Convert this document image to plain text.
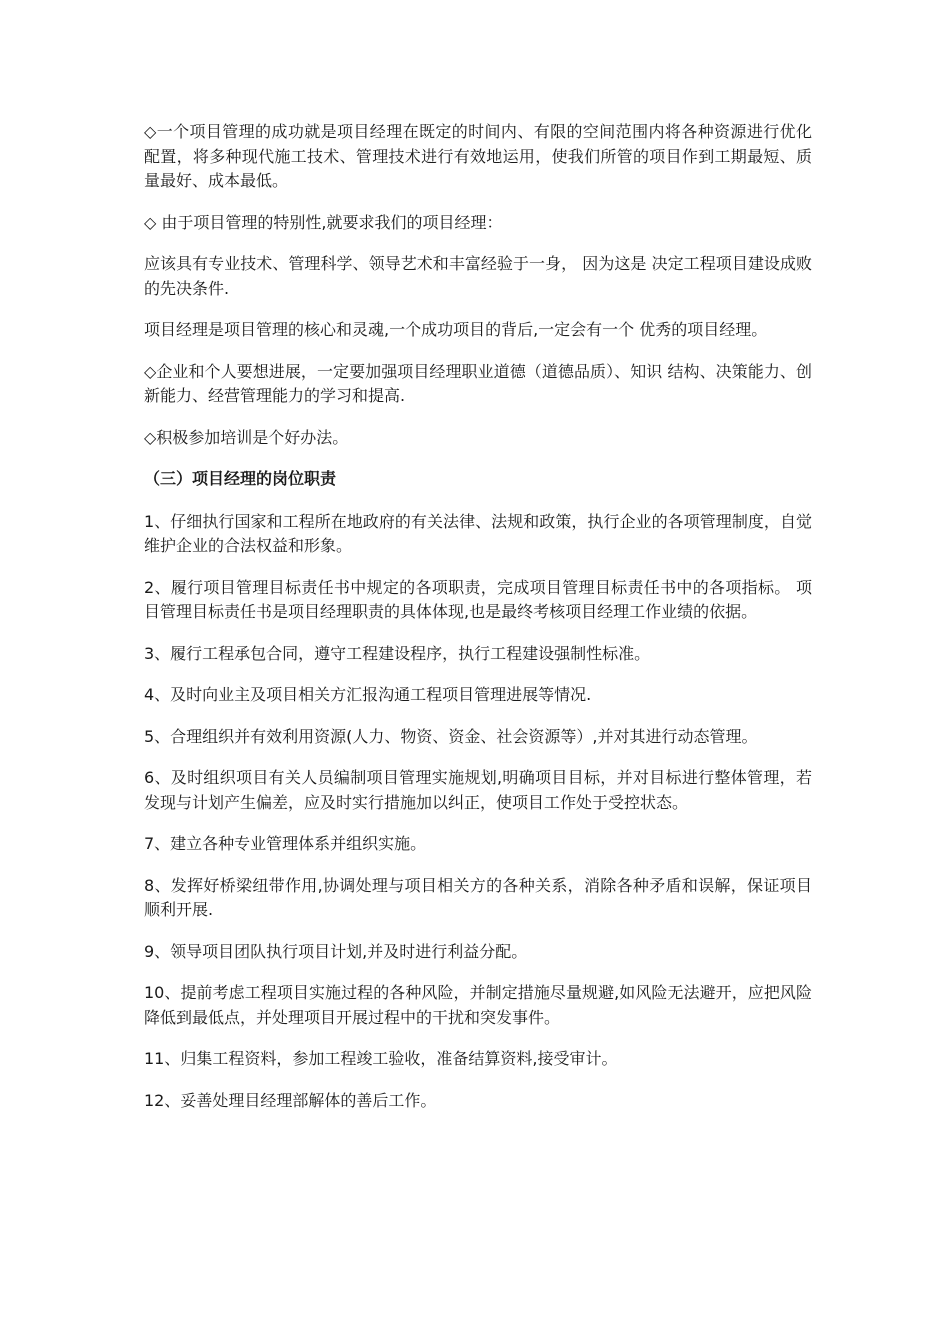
◇一个项目管理的成功就是项目经理在既定的时间内、有限的空间范围内将各种资源进行优化配置，将多种现代施工技术、管理技术进行有效地运用，使我们所管的项目作到工期最短、质量最好、成本最低。

◇ 由于项目管理的特别性,就要求我们的项目经理：

应该具有专业技术、管理科学、领导艺术和丰富经验于一身， 因为这是 决定工程项目建设成败的先决条件.

项目经理是项目管理的核心和灵魂,一个成功项目的背后,一定会有一个 优秀的项目经理。

◇企业和个人要想进展，一定要加强项目经理职业道德（道德品质）、知识 结构、决策能力、创新能力、经营管理能力的学习和提高.

◇积极参加培训是个好办法。

（三）项目经理的岗位职责

1、仔细执行国家和工程所在地政府的有关法律、法规和政策，执行企业的各项管理制度，自觉维护企业的合法权益和形象。

2、履行项目管理目标责任书中规定的各项职责，完成项目管理目标责任书中的各项指标。 项目管理目标责任书是项目经理职责的具体体现,也是最终考核项目经理工作业绩的依据。

3、履行工程承包合同，遵守工程建设程序，执行工程建设强制性标准。

4、及时向业主及项目相关方汇报沟通工程项目管理进展等情况.

5、合理组织并有效利用资源(人力、物资、资金、社会资源等）,并对其进行动态管理。

6、及时组织项目有关人员编制项目管理实施规划,明确项目目标，并对目标进行整体管理，若发现与计划产生偏差，应及时实行措施加以纠正，使项目工作处于受控状态。

7、建立各种专业管理体系并组织实施。

8、发挥好桥梁纽带作用,协调处理与项目相关方的各种关系，消除各种矛盾和误解，保证项目顺利开展.

9、领导项目团队执行项目计划,并及时进行利益分配。

10、提前考虑工程项目实施过程的各种风险，并制定措施尽量规避,如风险无法避开，应把风险降低到最低点，并处理项目开展过程中的干扰和突发事件。

11、归集工程资料，参加工程竣工验收，准备结算资料,接受审计。

12、妥善处理目经理部解体的善后工作。
